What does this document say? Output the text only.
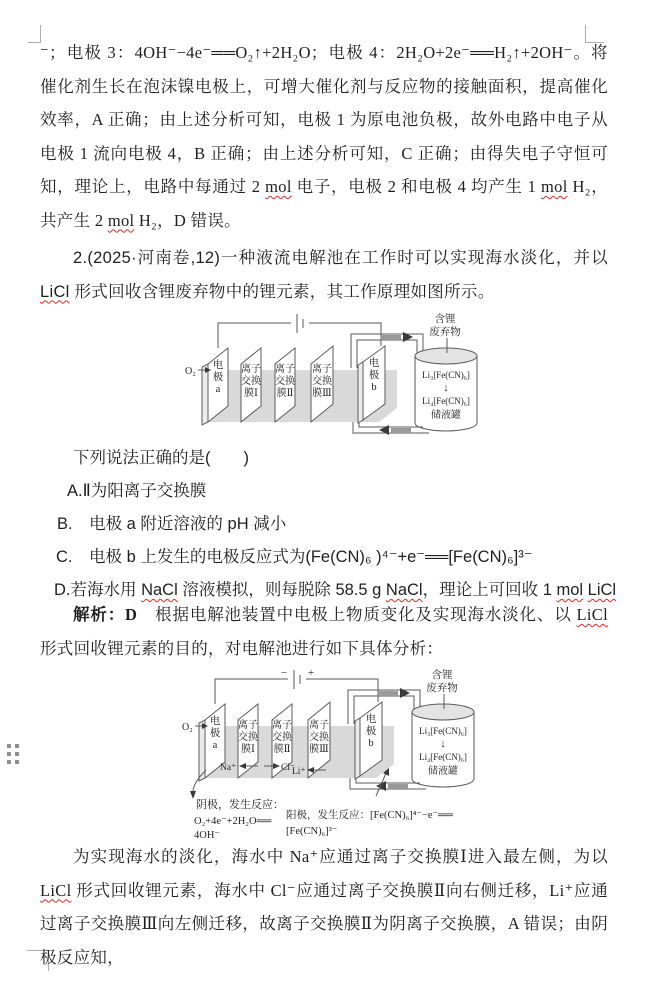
⁻；电极 3：4OH⁻−4e⁻══O₂↑+2H₂O；电极 4：2H₂O+2e⁻══H₂↑+2OH⁻。将催化剂生长在泡沫镍电极上，可增大催化剂与反应物的接触面积，提高催化效率，A 正确；由上述分析可知，电极 1 为原电池负极，故外电路中电子从电极 1 流向电极 4，B 正确；由上述分析可知，C 正确；由得失电子守恒可知，理论上，电路中每通过 2 mol 电子，电极 2 和电极 4 均产生 1 mol H₂，共产生 2 mol H₂，D 错误。
2.(2025·河南卷,12)一种液流电解池在工作时可以实现海水淡化，并以 LiCl 形式回收含锂废弃物中的锂元素，其工作原理如图所示。
电
极
a
离子
交换
膜Ⅰ
离子
交换
膜Ⅱ
离子
交换
膜Ⅲ
电
极
b
O₂	Li₃[Fe(CN)₆]
↓
Li₄[Fe(CN)₆]
储液罐
含锂
废弃物
下列说法正确的是(　　)
A.Ⅱ为阳离子交换膜
B.　电极 a 附近溶液的 pH 减小
C.　电极 b 上发生的电极反应式为(Fe(CN)₆ )⁴⁻+e⁻══[Fe(CN)₆]³⁻
D.若海水用 NaCl 溶液模拟，则每脱除 58.5 g NaCl，理论上可回收 1 mol LiCl
解析：D　根据电解池装置中电极上物质变化及实现海水淡化、以 LiCl 形式回收锂元素的目的，对电解池进行如下具体分析：
− +
电
极
a
离子
交换
膜Ⅰ
离子
交换
膜Ⅱ
离子
交换
膜Ⅲ
电
极
b
Na⁺	Cl⁻
Li⁺
O₂	Li₃[Fe(CN)₆]
↓
Li₄[Fe(CN)₆]
储液罐
含锂
废弃物
阴极，发生反应：
O₂+4e⁻+2H₂O══
4OH⁻
阳极，发生反应：[Fe(CN)₆]⁴⁻−e⁻══
[Fe(CN)₆]³⁻
为实现海水的淡化，海水中 Na⁺应通过离子交换膜Ⅰ进入最左侧，为以 LiCl 形式回收锂元素，海水中 Cl⁻应通过离子交换膜Ⅱ向右侧迁移，Li⁺应通过离子交换膜Ⅲ向左侧迁移，故离子交换膜Ⅱ为阴离子交换膜，A 错误；由阴极反应知，
